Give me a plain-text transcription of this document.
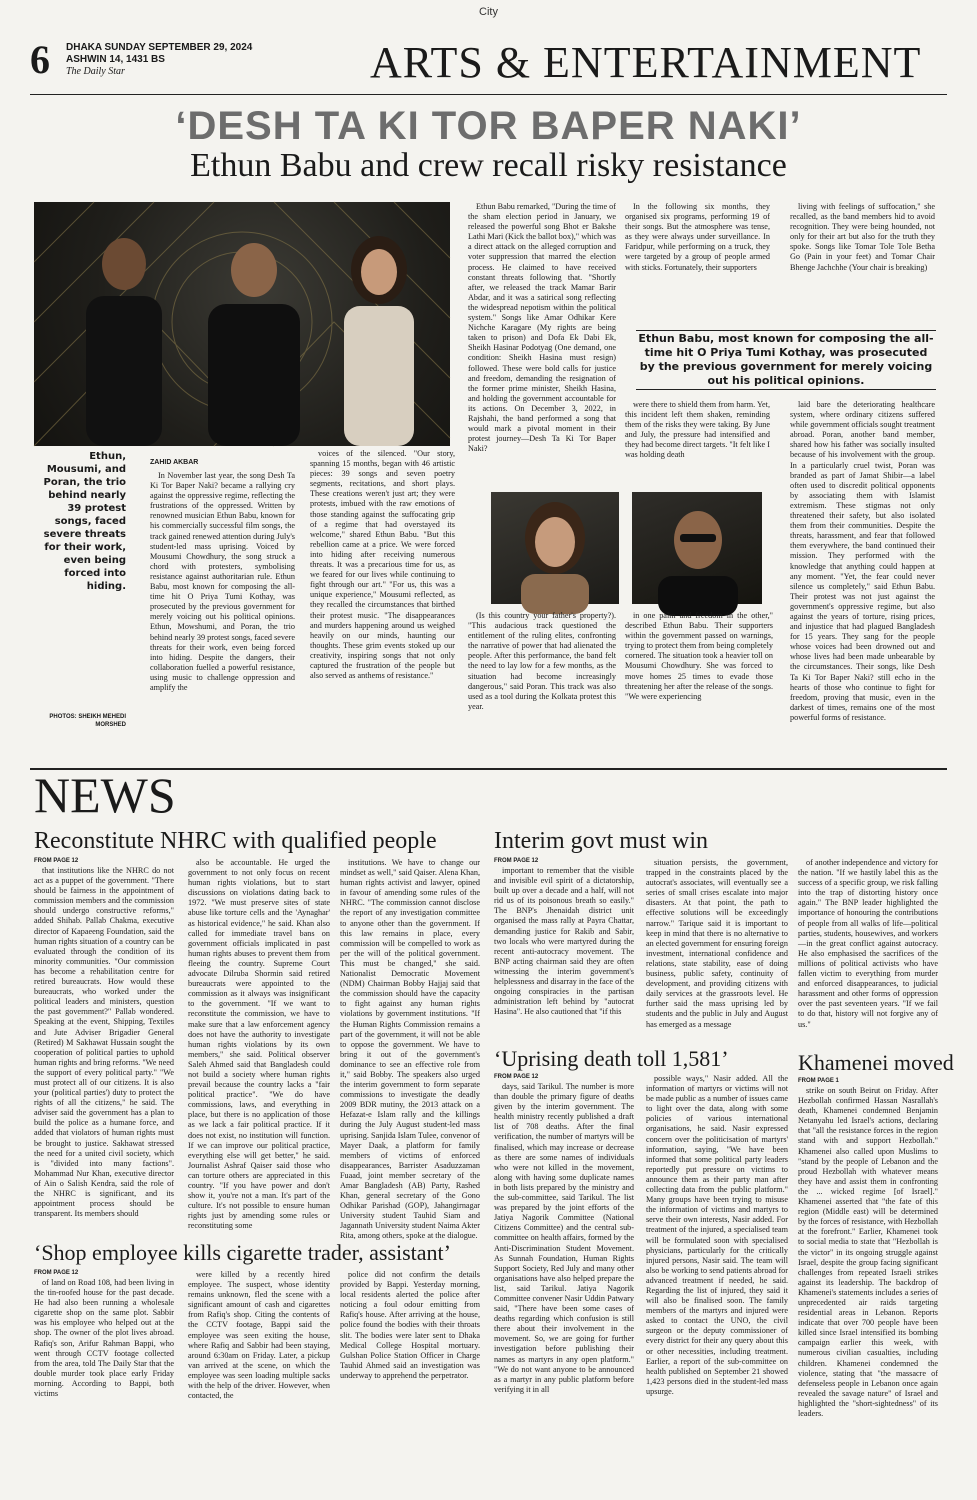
City
6 DHAKA SUNDAY SEPTEMBER 29, 2024
ASHWIN 14, 1431 BS
The Daily Star	ARTS & ENTERTAINMENT
‘DESH TA KI TOR BAPER NAKI’
Ethun Babu and crew recall risky resistance
Ethun, Mousumi, and Poran, the trio behind nearly 39 protest songs, faced severe threats for their work, even being forced into hiding.
PHOTOS: SHEIKH MEHEDI MORSHED
ZAHID AKBAR

In November last year, the song Desh Ta Ki Tor Baper Naki? became a rallying cry against the oppressive regime, reflecting the frustrations of the oppressed. Written by renowned musician Ethun Babu, known for his commercially successful film songs, the track gained renewed attention during July's student-led mass uprising. Voiced by Mousumi Chowdhury, the song struck a chord with protesters, symbolising resistance against authoritarian rule. Ethun Babu, most known for composing the all-time hit O Priya Tumi Kothay, was prosecuted by the previous government for merely voicing out his political opinions. Ethun, Mowshumi, and Poran, the trio behind nearly 39 protest songs, faced severe threats for their work, even being forced into hiding. Despite the dangers, their collaboration fuelled a powerful resistance, using music to challenge oppression and amplify the

voices of the silenced. "Our story, spanning 15 months, began with 46 artistic pieces: 39 songs and seven poetry segments, recitations, and short plays. These creations weren't just art; they were protests, imbued with the raw emotions of those standing against the suffocating grip of a regime that had overstayed its welcome," shared Ethun Babu. "But this rebellion came at a price. We were forced into hiding after receiving numerous threats. It was a precarious time for us, as we feared for our lives while continuing to fight through our art." "For us, this was a unique experience," Mousumi reflected, as they recalled the circumstances that birthed their protest music. "The disappearances and murders happening around us weighed heavily on our minds, haunting our thoughts. These grim events stoked up our creativity, inspiring songs that not only captured the frustration of the people but also served as anthems of resistance."

Ethun Babu remarked, "During the time of the sham election period in January, we released the powerful song Bhot er Bakshe Lathi Mari (Kick the ballot box)," which was a direct attack on the alleged corruption and voter suppression that marred the election process. He claimed to have received constant threats following that. "Shortly after, we released the track Mamar Barir Abdar, and it was a satirical song reflecting the widespread nepotism within the political system." Songs like Amar Odhikar Kere Nichche Karagare (My rights are being taken to prison) and Dofa Ek Dabi Ek, Sheikh Hasinar Podotyag (One demand, one condition: Sheikh Hasina must resign) followed. These were bold calls for justice and freedom, demanding the resignation of the former prime minister, Sheikh Hasina, and holding the government accountable for its actions. On December 3, 2022, in Rajshahi, the band performed a song that would mark a pivotal moment in their protest journey—Desh Ta Ki Tor Baper Naki?

In the following six months, they organised six programs, performing 19 of their songs. But the atmosphere was tense, as they were always under surveillance. In Faridpur, while performing on a truck, they were targeted by a group of people armed with sticks. Fortunately, their supporters

living with feelings of suffocation," she recalled, as the band members hid to avoid recognition. They were being hounded, not only for their art but also for the truth they spoke. Songs like Tomar Tole Tole Betha Go (Pain in your feet) and Tomar Chair Bhenge Jachchhe (Your chair is breaking)

Ethun Babu, most known for composing the all-time hit O Priya Tumi Kothay, was prosecuted by the previous government for merely voicing out his political opinions.

were there to shield them from harm. Yet, this incident left them shaken, reminding them of the risks they were taking. By June and July, the pressure had intensified and they had become direct targets. "It felt like I was holding death

laid bare the deteriorating healthcare system, where ordinary citizens suffered while government officials sought treatment abroad. Poran, another band member, shared how his father was socially insulted because of his involvement with the group. In a particularly cruel twist, Poran was branded as part of Jamat Shibir—a label often used to discredit political opponents by associating them with Islamist extremism. These stigmas not only threatened their safety, but also isolated them from their communities. Despite the threats, harassment, and fear that followed them everywhere, the band continued their mission. They performed with the knowledge that anything could happen at any moment. "Yet, the fear could never silence us completely," said Ethun Babu. Their protest was not just against the government's oppressive regime, but also against the years of torture, rising prices, and injustice that had plagued Bangladesh for 15 years. They sang for the people whose voices had been drowned out and whose lives had been made unbearable by the circumstances. Their songs, like Desh Ta Ki Tor Baper Naki? still echo in the hearts of those who continue to fight for freedom, proving that music, even in the darkest of times, remains one of the most powerful forms of resistance.

(Is this country your father's property?). "This audacious track questioned the entitlement of the ruling elites, confronting the narrative of power that had alienated the people. After this performance, the band felt the need to lay low for a few months, as the situation had become increasingly dangerous," said Poran. This track was also used as a tool during the Kolkata protest this year.

in one palm and freedom in the other," described Ethun Babu. Their supporters within the government passed on warnings, trying to protect them from being completely cornered. The situation took a heavier toll on Mousumi Chowdhury. She was forced to move homes 25 times to evade those threatening her after the release of the songs. "We were experiencing

NEWS
Reconstitute NHRC with qualified people
FROM PAGE 12

that institutions like the NHRC do not act as a puppet of the government. "There should be fairness in the appointment of commission members and the commission should undergo constructive reforms," added Shihab. Pallab Chakma, executive director of Kapaeeng Foundation, said the human rights situation of a country can be evaluated through the condition of its minority communities. "Our commission has become a rehabilitation centre for retired bureaucrats. How would these bureaucrats, who worked under the political leaders and ministers, question the past government?" Pallab wondered. Speaking at the event, Shipping, Textiles and Jute Adviser Brigadier General (Retired) M Sakhawat Hussain sought the cooperation of political parties to uphold human rights and bring reforms. "We need the support of every political party." "We must protect all of our citizens. It is also your (political parties') duty to protect the rights of all the citizens," he said. The adviser said the government has a plan to build the police as a humane force, and added that violators of human rights must be brought to justice. Sakhawat stressed the need for a united civil society, which is "divided into many factions". Mohammad Nur Khan, executive director of Ain o Salish Kendra, said the role of the NHRC is significant, and its appointment process should be transparent. Its members should

also be accountable. He urged the government to not only focus on recent human rights violations, but to start discussions on violations dating back to 1972. "We must preserve sites of state abuse like torture cells and the 'Aynaghar' as historical evidence," he said. Khan also called for immediate travel bans on government officials implicated in past human rights abuses to prevent them from fleeing the country. Supreme Court advocate Dilruba Shormin said retired bureaucrats were appointed to the commission as it always was insignificant to the government. "If we want to reconstitute the commission, we have to make sure that a law enforcement agency does not have the authority to investigate human rights violations by its own members," she said. Political observer Saleh Ahmed said that Bangladesh could not build a society where human rights prevail because the country lacks a "fair political practice". "We do have commissions, laws, and everything in place, but there is no application of those as we lack a fair political practice. If it does not exist, no institution will function. If we can improve our political practice, everything else will get better," he said. Journalist Ashraf Qaiser said those who can torture others are appreciated in this country. "If you have power and don't show it, you're not a man. It's part of the culture. It's not possible to ensure human rights just by amending some rules or reconstituting some

institutions. We have to change our mindset as well," said Qaiser. Alena Khan, human rights activist and lawyer, opined in favour of amending some rules of the NHRC. "The commission cannot disclose the report of any investigation committee to anyone other than the government. If this law remains in place, every commission will be compelled to work as per the will of the political government. This must be changed," she said. Nationalist Democratic Movement (NDM) Chairman Bobby Hajjaj said that the commission should have the capacity to fight against any human rights violations by government institutions. "If the Human Rights Commission remains a part of the government, it will not be able to oppose the government. We have to bring it out of the government's dominance to see an effective role from it," said Bobby. The speakers also urged the interim government to form separate commissions to investigate the deadly 2009 BDR mutiny, the 2013 attack on a Hefazat-e Islam rally and the killings during the July August student-led mass uprising. Sanjida Islam Tulee, convenor of Mayer Daak, a platform for family members of victims of enforced disappearances, Barrister Asaduzzaman Fuaad, joint member secretary of the Amar Bangladesh (AB) Party, Rashed Khan, general secretary of the Gono Odhikar Parishad (GOP), Jahangirnagar University student Tauhid Siam and Jagannath University student Naima Akter Rita, among others, spoke at the dialogue.

Interim govt must win
FROM PAGE 12

important to remember that the visible and invisible evil spirit of a dictatorship, built up over a decade and a half, will not rid us of its poisonous breath so easily." The BNP's Jhenaidah district unit organised the mass rally at Payra Chattar, demanding justice for Rakib and Sabir, two locals who were martyred during the recent anti-autocracy movement. The BNP acting chairman said they are often witnessing the interim government's helplessness and disarray in the face of the ongoing conspiracies in the partisan administration left behind by "autocrat Hasina". He also cautioned that "if this

situation persists, the government, trapped in the constraints placed by the autocrat's associates, will eventually see a series of small crises escalate into major disasters. At that point, the path to effective solutions will be exceedingly narrow." Tarique said it is important to keep in mind that there is no alternative to an elected government for ensuring foreign investment, international confidence and relations, state stability, ease of doing business, public safety, continuity of development, and providing citizens with daily services at the grassroots level. He further said the mass uprising led by students and the public in July and August has emerged as a message

of another independence and victory for the nation. "If we hastily label this as the success of a specific group, we risk falling into the trap of distorting history once again." The BNP leader highlighted the importance of honouring the contributions of people from all walks of life—political parties, students, housewives, and workers—in the great conflict against autocracy. He also emphasised the sacrifices of the millions of political activists who have fallen victim to everything from murder and enforced disappearances, to judicial harassment and other forms of oppression over the past seventeen years. "If we fail to do that, history will not forgive any of us."

‘Uprising death toll 1,581’
FROM PAGE 12

days, said Tarikul. The number is more than double the primary figure of deaths given by the interim government. The health ministry recently published a draft list of 708 deaths. After the final verification, the number of martyrs will be finalised, which may increase or decrease as there are some names of individuals who were not killed in the movement, along with having some duplicate names in both lists prepared by the ministry and the sub-committee, said Tarikul. The list was prepared by the joint efforts of the Jatiya Nagorik Committee (National Citizens Committee) and the central sub-committee on health affairs, formed by the Anti-Discrimination Student Movement. As Sunnah Foundation, Human Rights Support Society, Red July and many other organisations have also helped prepare the list, said Tarikul. Jatiya Nagorik Committee convener Nasir Uddin Patwary said, "There have been some cases of deaths regarding which confusion is still there about their involvement in the movement. So, we are going for further investigation before publishing their names as martyrs in any open platform." "We do not want anyone to be announced as a martyr in any public platform before verifying it in all

possible ways," Nasir added. All the information of martyrs or victims will not be made public as a number of issues came to light over the data, along with some policies of various international organisations, he said. Nasir expressed concern over the politicisation of martyrs' information, saying, "We have been informed that some political party leaders reportedly put pressure on victims to announce them as their party man after collecting data from the public platform." Many groups have been trying to misuse the information of victims and martyrs to serve their own interests, Nasir added. For treatment of the injured, a specialised team will be formulated soon with specialised physicians, particularly for the critically injured persons, Nasir said. The team will also be working to send patients abroad for advanced treatment if needed, he said. Regarding the list of injured, they said it will also be finalised soon. The family members of the martyrs and injured were asked to contact the UNO, the civil surgeon or the deputy commissioner of every district for their any query about this or other necessities, including treatment. Earlier, a report of the sub-committee on health published on September 21 showed 1,423 persons died in the student-led mass upsurge.

Khamenei moved
FROM PAGE 1

strike on south Beirut on Friday. After Hezbollah confirmed Hassan Nasrallah's death, Khamenei condemned Benjamin Netanyahu led Israel's actions, declaring that "all the resistance forces in the region stand with and support Hezbollah." Khamenei also called upon Muslims to "stand by the people of Lebanon and the proud Hezbollah with whatever means they have and assist them in confronting the ... wicked regime [of Israel]." Khamenei asserted that "the fate of this region (Middle east) will be determined by the forces of resistance, with Hezbollah at the forefront." Earlier, Khamenei took to social media to state that "Hezbollah is the victor" in its ongoing struggle against Israel, despite the group facing significant challenges from repeated Israeli strikes against its leadership. The backdrop of Khamenei's statements includes a series of unprecedented air raids targeting residential areas in Lebanon. Reports indicate that over 700 people have been killed since Israel intensified its bombing campaign earlier this week, with numerous civilian casualties, including children. Khamenei condemned the violence, stating that "the massacre of defenseless people in Lebanon once again revealed the savage nature" of Israel and highlighted the "short-sightedness" of its leaders.

‘Shop employee kills cigarette trader, assistant’
FROM PAGE 12

of land on Road 108, had been living in the tin-roofed house for the past decade. He had also been running a wholesale cigarette shop on the same plot. Sabbir was his employee who helped out at the shop. The owner of the plot lives abroad. Rafiq's son, Arifur Rahman Bappi, who went through CCTV footage collected from the area, told The Daily Star that the double murder took place early Friday morning. According to Bappi, both victims

were killed by a recently hired employee. The suspect, whose identity remains unknown, fled the scene with a significant amount of cash and cigarettes from Rafiq's shop. Citing the contents of the CCTV footage, Bappi said the employee was seen exiting the house, where Rafiq and Sabbir had been staying, around 6:30am on Friday. Later, a pickup van arrived at the scene, on which the employee was seen loading multiple sacks with the help of the driver. However, when contacted, the

police did not confirm the details provided by Bappi. Yesterday morning, local residents alerted the police after noticing a foul odour emitting from Rafiq's house. After arriving at the house, police found the bodies with their throats slit. The bodies were later sent to Dhaka Medical College Hospital mortuary. Gulshan Police Station Officer in Charge Tauhid Ahmed said an investigation was underway to apprehend the perpetrator.
